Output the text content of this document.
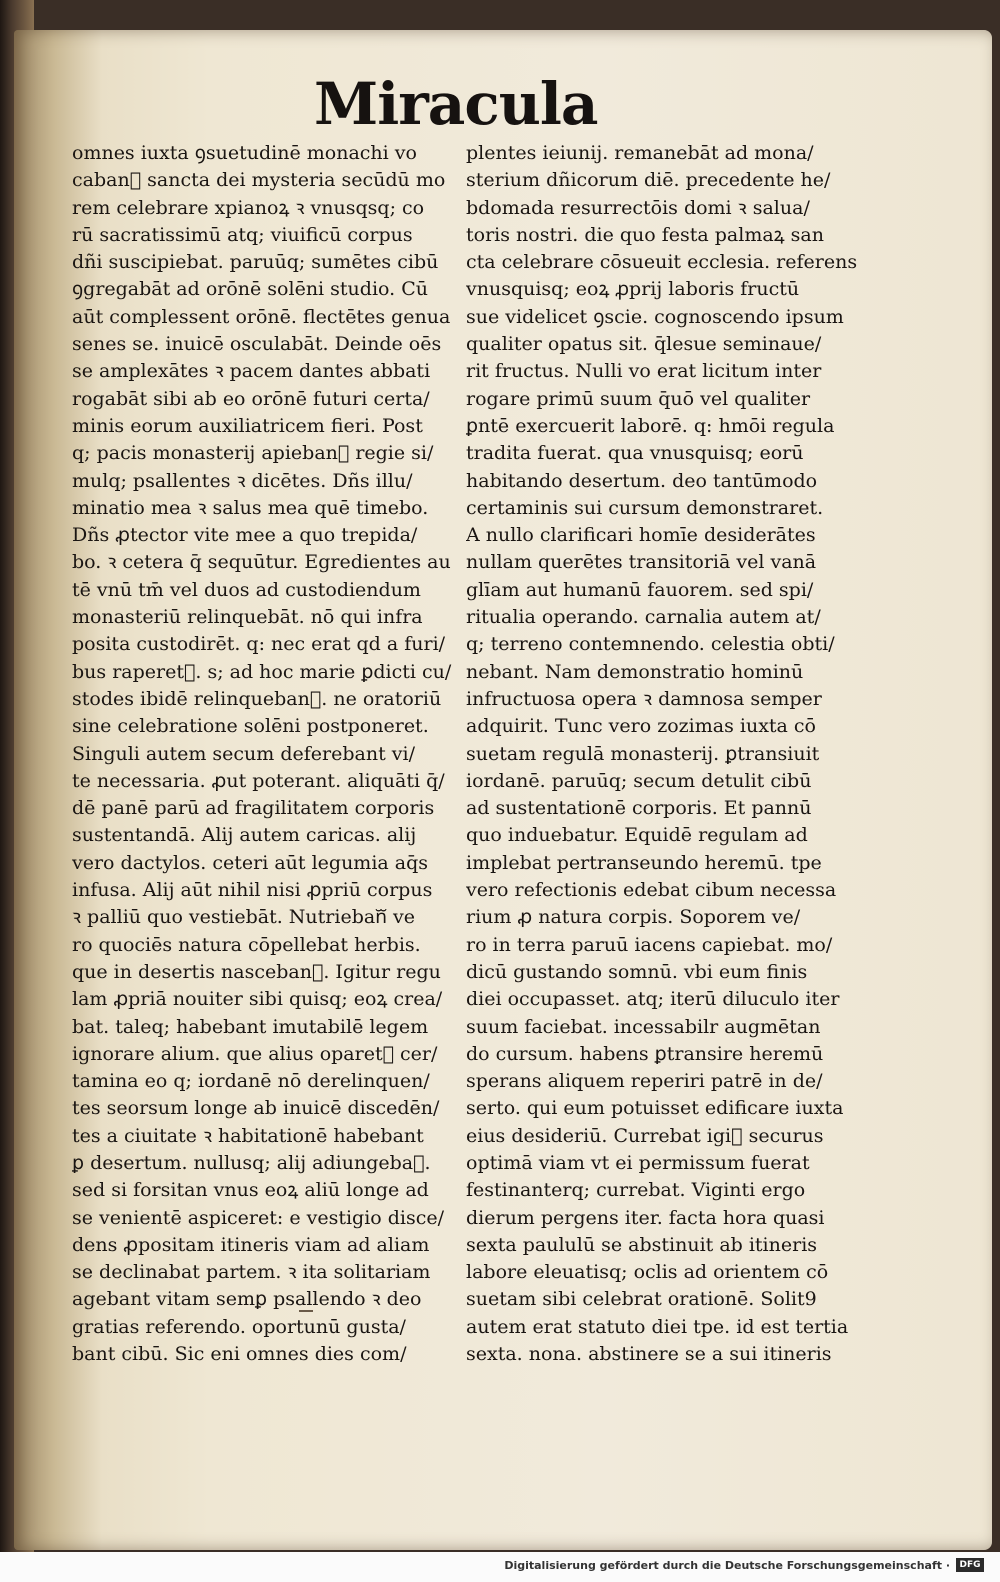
Miracula
omnes iuxta ꝯsuetudinē monachi vo
cabanᷓ sancta dei mysteria secūdū mo
rem celebrare xpianoꝝ ꝛ vnusqsq; co
rū sacratissimū atq; viuificū corpus
dñi suscipiebat. paruūq; sumētes cibū
ꝯgregabāt ad orōnē solēni studio. Cū
aūt complessent orōnē. flectētes genua
senes se. inuicē osculabāt. Deinde oēs
se amplexātes ꝛ pacem dantes abbati
rogabāt sibi ab eo orōnē futuri certa/
minis eorum auxiliatricem fieri. Post
q; pacis monasterij apiebanᷓ regie si/
mulq; psallentes ꝛ dicētes. Dñs illu/
minatio mea ꝛ salus mea quē timebo.
Dñs ꝓtector vite mee a quo trepida/
bo. ꝛ cetera q̄ sequūtur. Egredientes au
tē vnū tm̄ vel duos ad custodiendum
monasteriū relinquebāt. nō qui infra
posita custodirēt. q: nec erat qd a furi/
bus raperetᷓ. s; ad hoc marie ꝑdicti cu/
stodes ibidē relinquebanᷓ. ne oratoriū
sine celebratione solēni postponeret.
Singuli autem secum deferebant vi/
te necessaria. ꝓut poterant. aliquāti q̄/
dē panē parū ad fragilitatem corporis
sustentandā. Alij autem caricas. alij
vero dactylos. ceteri aūt legumia aq̄s
infusa. Alij aūt nihil nisi ꝓpriū corpus
ꝛ palliū quo vestiebāt. Nutriebanᷓ ve
ro quociēs natura cōpellebat herbis.
que in desertis nascebanᷓ. Igitur regu
lam ꝓpriā nouiter sibi quisq; eoꝝ crea/
bat. taleq; habebant imutabilē legem
ignorare alium. que alius oparetᷓ cer/
tamina eo q; iordanē nō derelinquen/
tes seorsum longe ab inuicē discedēn/
tes a ciuitate ꝛ habitationē habebant
ꝑ desertum. nullusq; alij adiungebaᷓ.
sed si forsitan vnus eoꝝ aliū longe ad
se venientē aspiceret: e vestigio disce/
dens ꝓpositam itineris viam ad aliam
se declinabat partem. ꝛ ita solitariam
agebant vitam semꝑ psallendo ꝛ deo
gratias referendo. oportunū gusta/
bant cibū. Sic eni omnes dies com/
plentes ieiunij. remanebāt ad mona/
sterium dñicorum diē. precedente he/
bdomada resurrectōis domi ꝛ salua/
toris nostri. die quo festa palmaꝝ san
cta celebrare cōsueuit ecclesia. referens
vnusquisq; eoꝝ ꝓprij laboris fructū
sue videlicet ꝯscie. cognoscendo ipsum
qualiter opatus sit. q̄lesue seminaue/
rit fructus. Nulli vo erat licitum inter
rogare primū suum q̄uō vel qualiter
ꝑntē exercuerit laborē. q: hmōi regula
tradita fuerat. qua vnusquisq; eorū
habitando desertum. deo tantūmodo
certaminis sui cursum demonstraret.
A nullo clarificari homīe desiderātes
nullam querētes transitoriā vel vanā
glīam aut humanū fauorem. sed spi/
ritualia operando. carnalia autem at/
q; terreno contemnendo. celestia obti/
nebant. Nam demonstratio hominū
infructuosa opera ꝛ damnosa semper
adquirit. Tunc vero zozimas iuxta cō
suetam regulā monasterij. ꝑtransiuit
iordanē. paruūq; secum detulit cibū
ad sustentationē corporis. Et pannū
quo induebatur. Equidē regulam ad
implebat pertranseundo heremū. tpe
vero refectionis edebat cibum necessa
rium ꝓ natura corpis. Soporem ve/
ro in terra paruū iacens capiebat. mo/
dicū gustando somnū. vbi eum finis
diei occupasset. atq; iterū diluculo iter
suum faciebat. incessabilr augmētan
do cursum. habens ꝑtransire heremū
sperans aliquem reperiri patrē in de/
serto. qui eum potuisset edificare iuxta
eius desideriū. Currebat igiᷓ securus
optimā viam vt ei permissum fuerat
festinanterq; currebat. Viginti ergo
dierum pergens iter. facta hora quasi
sexta paululū se abstinuit ab itineris
labore eleuatisq; oclis ad orientem cō
suetam sibi celebrat orationē. Solit9
autem erat statuto diei tpe. id est tertia
sexta. nona. abstinere se a sui itineris
Digitalisierung gefördert durch die Deutsche Forschungsgemeinschaft ·	DFG
